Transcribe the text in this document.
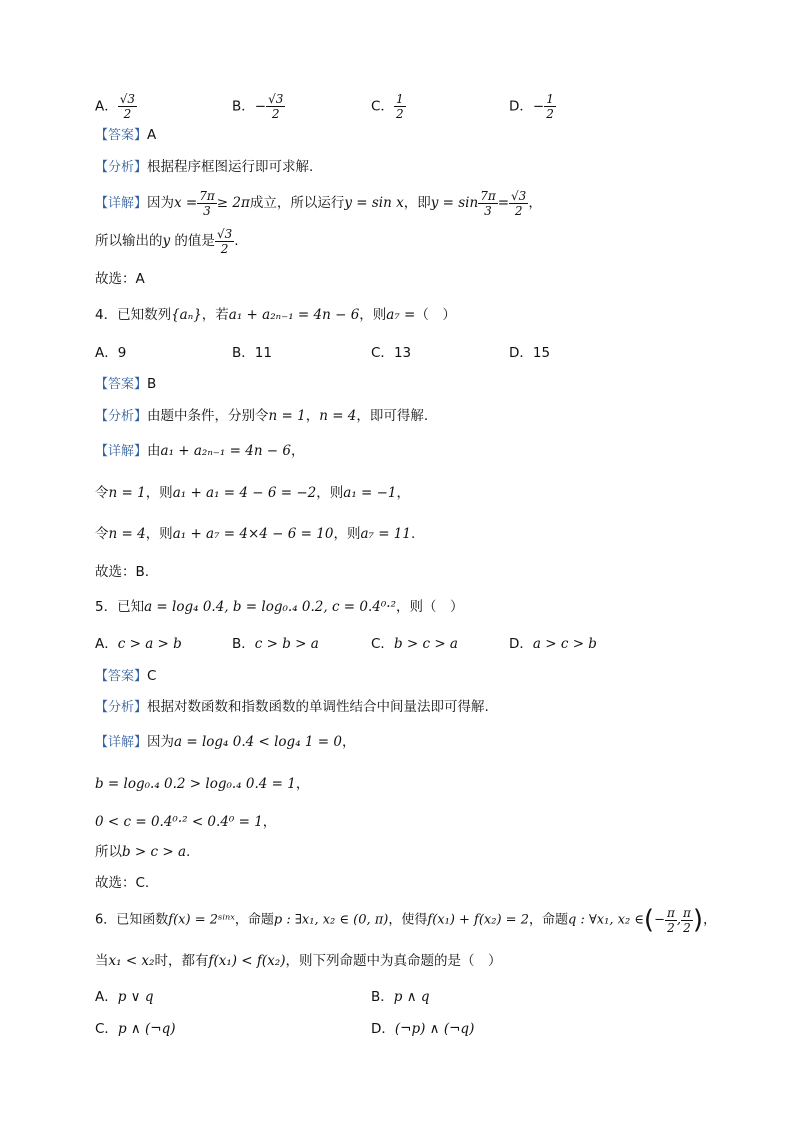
A． $\frac{√3}{2}$	B．− $\frac{√3}{2}$	C． $\frac{1}{2}$	D．− $\frac{1}{2}$
【答案】A
【分析】根据程序框图运行即可求解.
【详解】因为$x = \frac{7\pi}{3} \ge 2\pi$成立，所以运行y = sin x，即$y = \sin \frac{7\pi}{3} = \frac{√3}{2}$ ，
所以输出的y 的值是 $\frac{√3}{2}$ .
故选：A
4．已知数列{aₙ}，若a₁ + a₂ₙ₋₁ = 4n − 6，则a₇ =（　）
A．9	B．11	C．13	D．15
【答案】B
【分析】由题中条件，分别令n = 1，n = 4，即可得解.
【详解】由a₁ + a₂ₙ₋₁ = 4n − 6，
令n = 1，则a₁ + a₁ = 4 − 6 = −2，则a₁ = −1，
令n = 4，则a₁ + a₇ = 4×4 − 6 = 10，则a₇ = 11.
故选：B.
5．已知a = log₄ 0.4, b = log₀.₄ 0.2, c = 0.4⁰·²，则（　）
A．c > a > b	B．c > b > a	C．b > c > a	D．a > c > b
【答案】C
【分析】根据对数函数和指数函数的单调性结合中间量法即可得解.
【详解】因为a = log₄ 0.4 < log₄ 1 = 0，
b = log₀.₄ 0.2 > log₀.₄ 0.4 = 1，
0 < c = 0.4⁰·² < 0.4⁰ = 1，
所以b > c > a.
故选：C.
6．已知函数f(x) = 2ˢⁱⁿˣ，命题p : ∃x₁, x₂ ∈ (0, π)，使得f(x₁) + f(x₂) = 2，命题q : ∀x₁, x₂ ∈(− $\frac{\pi}{2}$ , $\frac{\pi}{2}$ )，
当x₁ < x₂时，都有f(x₁) < f(x₂)，则下列命题中为真命题的是（　）
A．p ∨ q	B．p ∧ q
C．p ∧ (¬q)	D．(¬p) ∧ (¬q)
